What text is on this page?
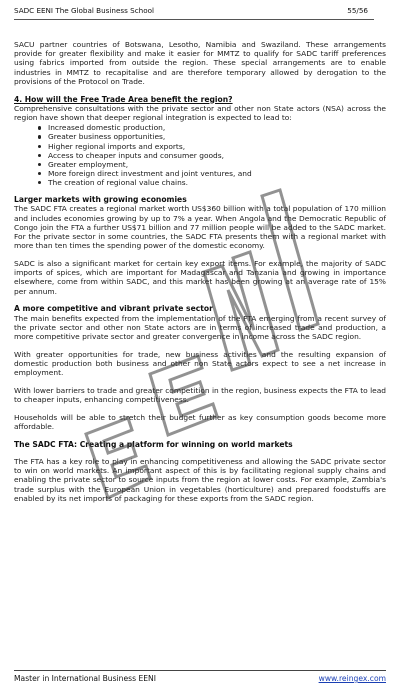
SADC EENI The Global Business School	55/56

SACU partner countries of Botswana, Lesotho, Namibia and Swaziland. These arrangements provide for greater flexibility and make it easier for MMTZ to qualify for SADC tariff preferences using fabrics imported from outside the region. These special arrangements are to enable industries in MMTZ to recapitalise and are therefore temporary allowed by derogation to the provisions of the Protocol on Trade.

4. How will the Free Trade Area benefit the region?

Comprehensive consultations with the private sector and other non State actors (NSA) across the region have shown that deeper regional integration is expected to lead to:

Increased domestic production,
Greater business opportunities,
Higher regional imports and exports,
Access to cheaper inputs and consumer goods,
Greater employment,
More foreign direct investment and joint ventures, and
The creation of regional value chains.
Larger markets with growing economies

The SADC FTA creates a regional market worth US$360 billion with a total population of 170 million and includes economies growing by up to 7% a year. When Angola and the Democratic Republic of Congo join the FTA a further US$71 billion and 77 million people will be added to the SADC market. For the private sector in some countries, the SADC FTA presents them with a regional market with more than ten times the spending power of the domestic economy.

SADC is also a significant market for certain key export items. For example, the majority of SADC imports of spices, which are important for Madagascar and Tanzania and growing in importance elsewhere, come from within SADC, and this market has been growing at an average rate of 15% per annum.

A more competitive and vibrant private sector

The main benefits expected from the implementation of the FTA emerging from a recent survey of the private sector and other non State actors are in terms of increased trade and production, a more competitive private sector and greater convergence in income across the SADC region.

With greater opportunities for trade, new business activities and the resulting expansion of domestic production both business and other non State actors expect to see a net increase in employment.

With lower barriers to trade and greater competition in the region, business expects the FTA to lead to cheaper inputs, enhancing competitiveness.

Households will be able to stretch their budget further as key consumption goods become more affordable.

The SADC FTA: Creating a platform for winning on world markets

The FTA has a key role to play in enhancing competitiveness and allowing the SADC private sector to win on world markets. An important aspect of this is by facilitating regional supply chains and enabling the private sector to source inputs from the region at lower costs. For example, Zambia's trade surplus with the European Union in vegetables (horticulture) and prepared foodstuffs are enabled by its net imports of packaging for these exports from the SADC region.

Master in International Business EENI	www.reingex.com
